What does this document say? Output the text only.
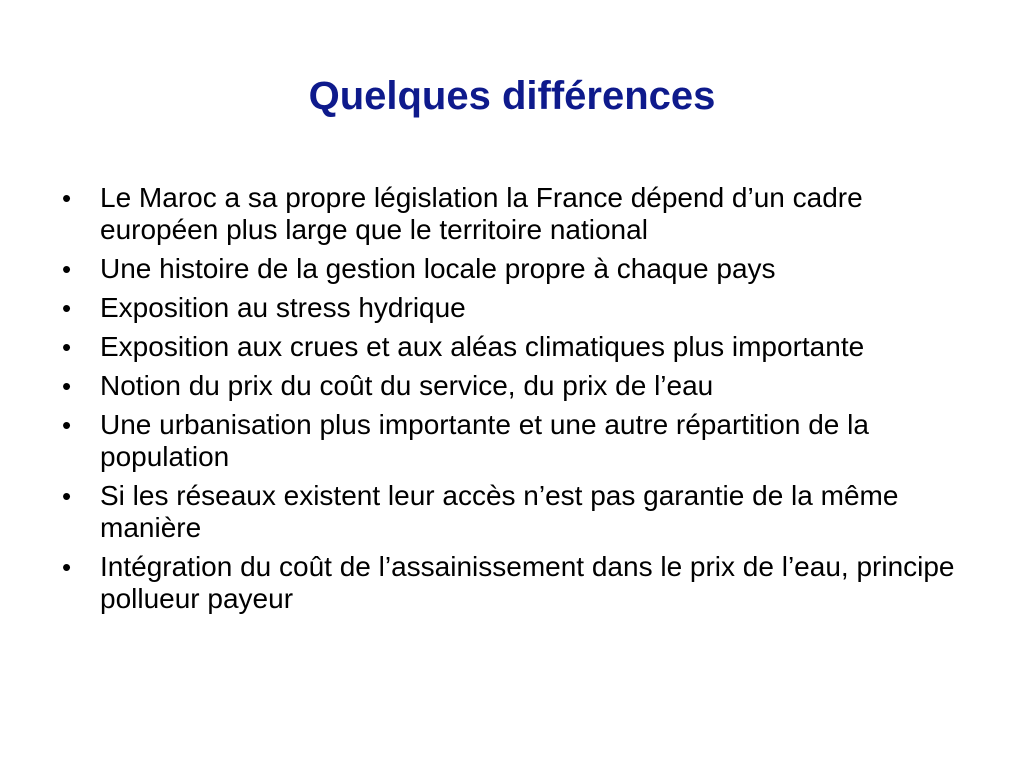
Quelques différences
•	Le Maroc a sa propre législation la France dépend d’un cadre européen plus large que le territoire national
•	Une histoire de la gestion locale propre à chaque pays
•	Exposition au stress hydrique
•	Exposition aux crues et aux aléas climatiques plus importante
•	Notion du prix du coût du service, du prix de l’eau
•	Une urbanisation plus importante et une autre répartition de la population
•	Si les réseaux existent leur accès n’est pas garantie de la même manière
•	Intégration du coût de l’assainissement dans le prix de l’eau, principe pollueur payeur
